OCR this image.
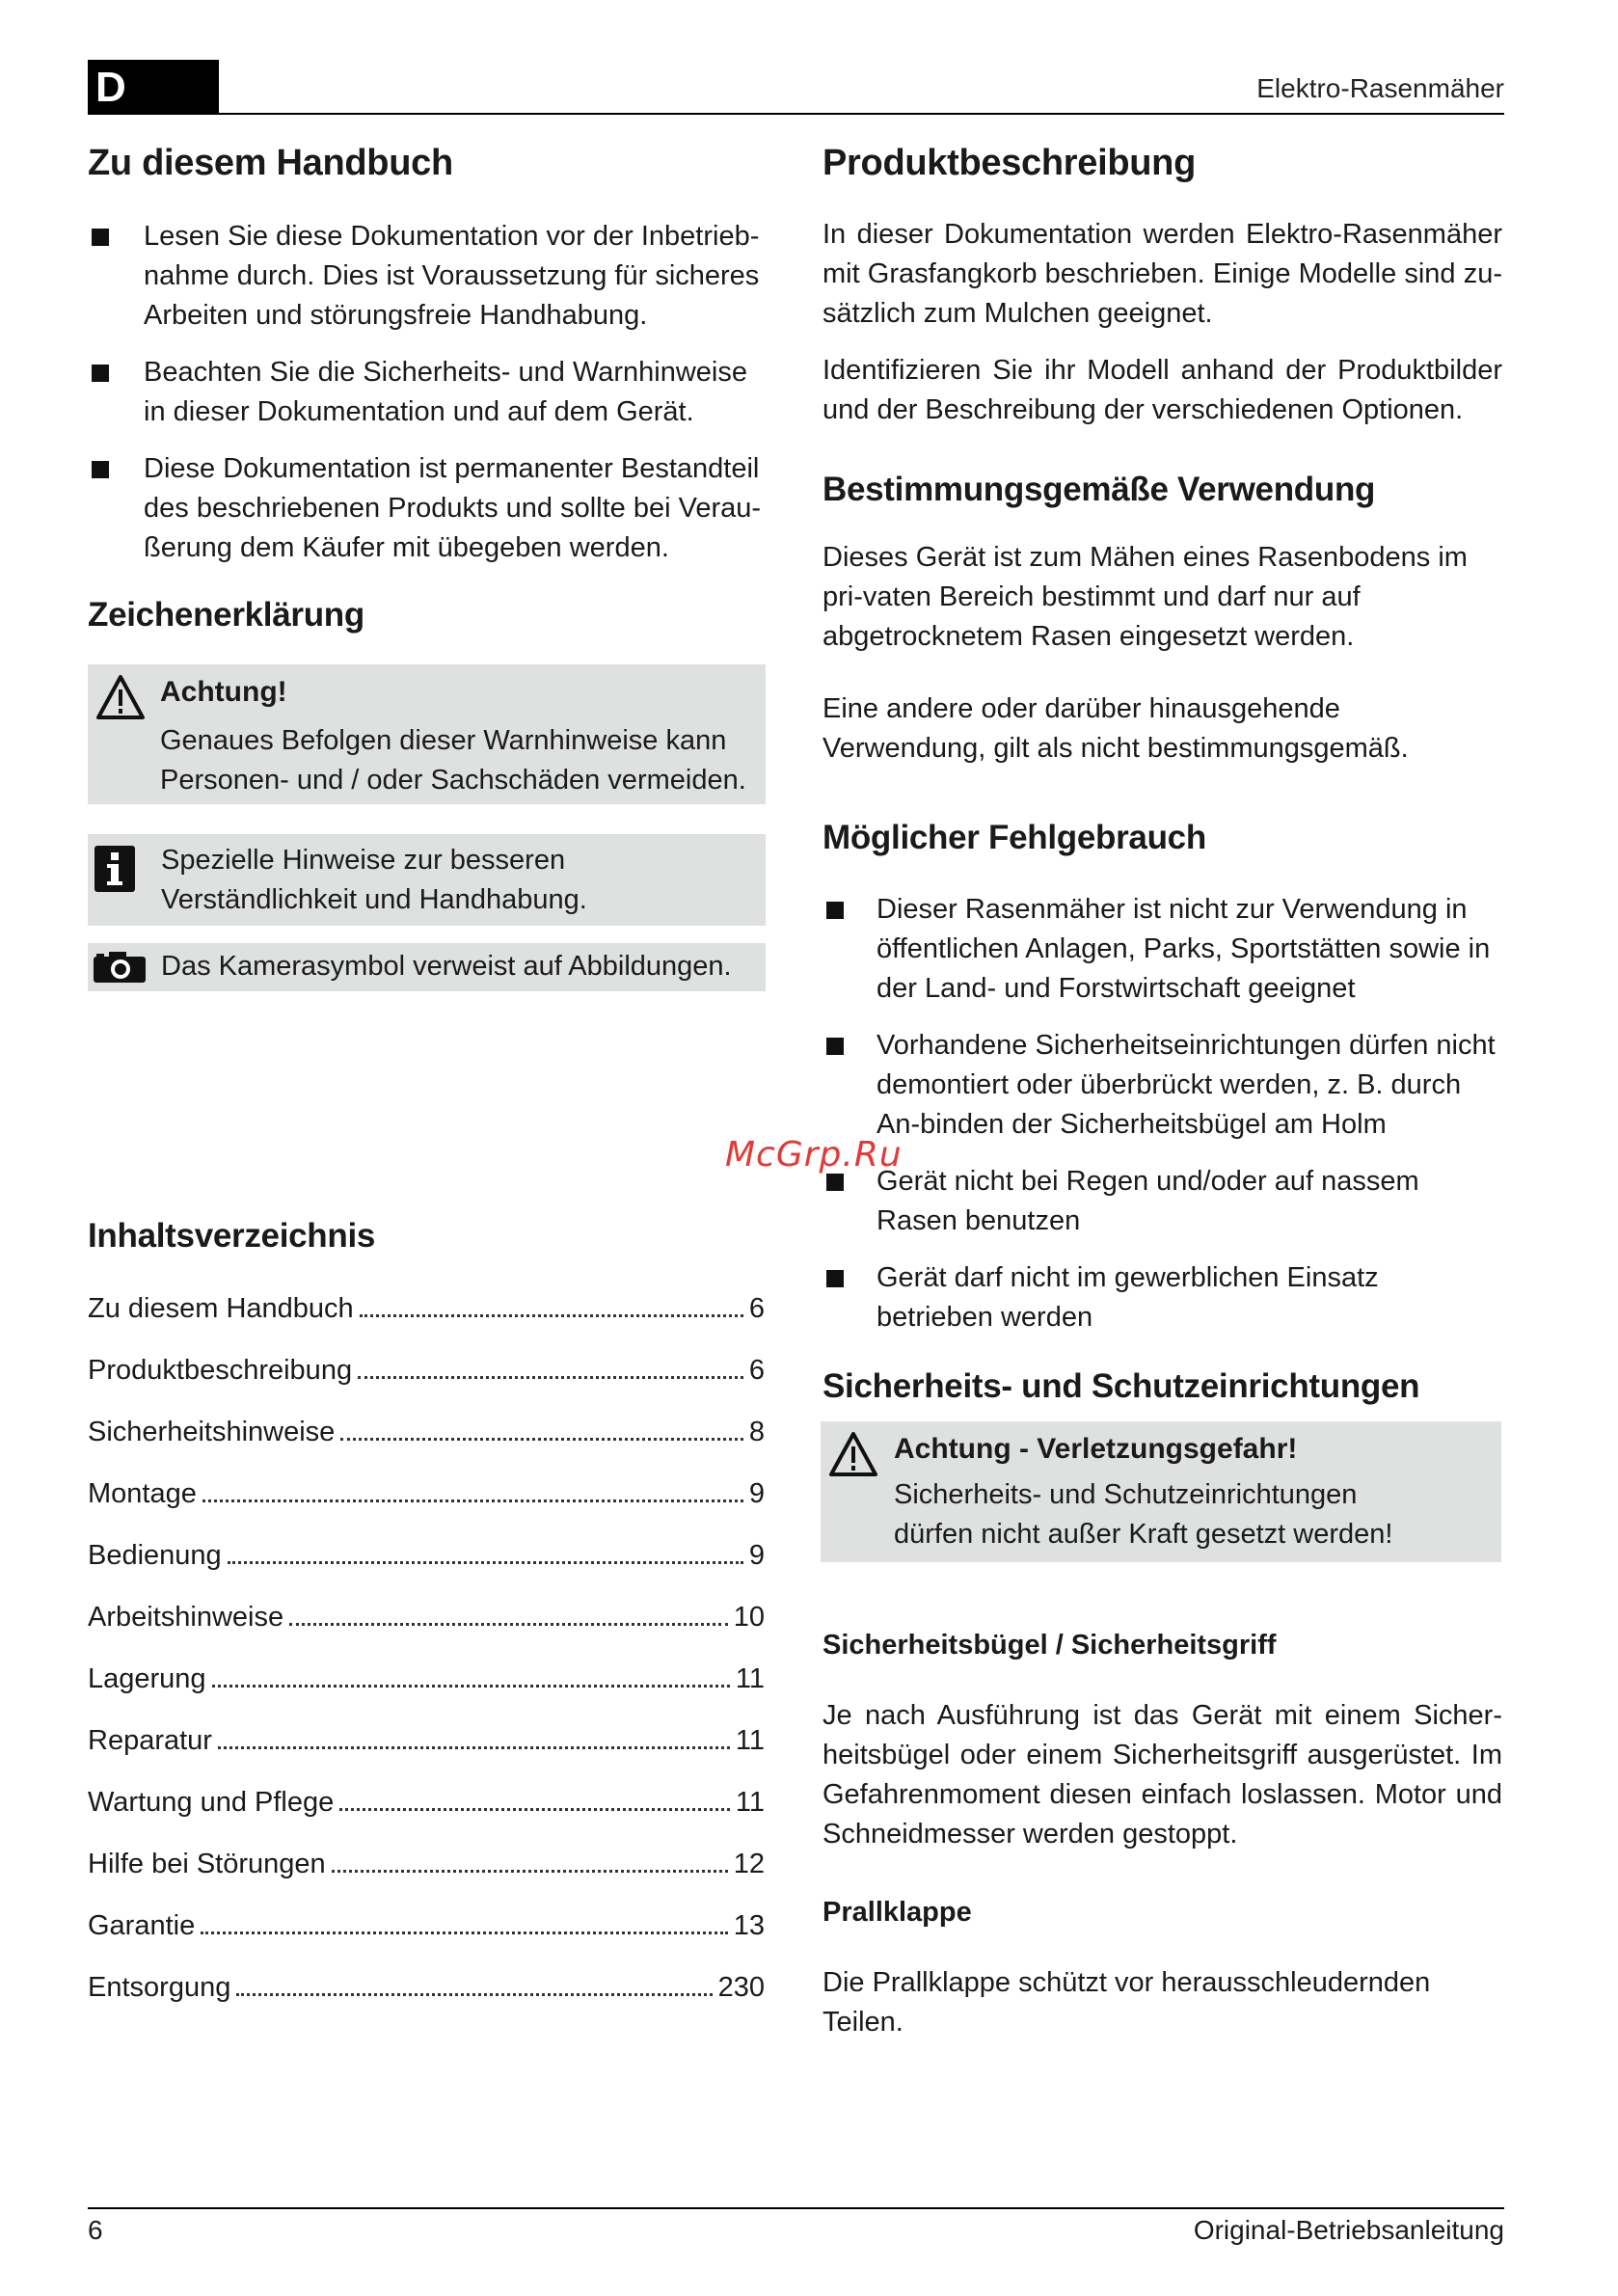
D	Elektro-Rasenmäher
Zu diesem Handbuch
Lesen Sie diese Dokumentation vor der Inbetrieb-nahme durch. Dies ist Voraussetzung für sicheres Arbeiten und störungsfreie Handhabung.
Beachten Sie die Sicherheits- und Warnhinweise in dieser Dokumentation und auf dem Gerät.
Diese Dokumentation ist permanenter Bestandteil des beschriebenen Produkts und sollte bei Verau-ßerung dem Käufer mit übegeben werden.
Zeichenerklärung
Achtung!
Genaues Befolgen dieser Warnhinweise kann Personen- und / oder Sachschäden vermeiden.
Spezielle Hinweise zur besseren Verständlichkeit und Handhabung.
Das Kamerasymbol verweist auf Abbildungen.
Inhaltsverzeichnis
Zu diesem Handbuch	6
Produktbeschreibung	6
Sicherheitshinweise	8
Montage	9
Bedienung	9
Arbeitshinweise	10
Lagerung	11
Reparatur	11
Wartung und Pflege	11
Hilfe bei Störungen	12
Garantie	13
Entsorgung	230
Produktbeschreibung

In dieser Dokumentation werden Elektro-Rasenmäher mit Grasfangkorb beschrieben. Einige Modelle sind zu-sätzlich zum Mulchen geeignet.

Identifizieren Sie ihr Modell anhand der Produktbilder und der Beschreibung der verschiedenen Optionen.

Bestimmungsgemäße Verwendung

Dieses Gerät ist zum Mähen eines Rasenbodens im pri-vaten Bereich bestimmt und darf nur auf abgetrocknetem Rasen eingesetzt werden.

Eine andere oder darüber hinausgehende Verwendung, gilt als nicht bestimmungsgemäß.

Möglicher Fehlgebrauch
Dieser Rasenmäher ist nicht zur Verwendung in öffentlichen Anlagen, Parks, Sportstätten sowie in der Land- und Forstwirtschaft geeignet
Vorhandene Sicherheitseinrichtungen dürfen nicht demontiert oder überbrückt werden, z. B. durch An-binden der Sicherheitsbügel am Holm
Gerät nicht bei Regen und/oder auf nassem Rasen benutzen
Gerät darf nicht im gewerblichen Einsatz betrieben werden
Sicherheits- und Schutzeinrichtungen
Achtung - Verletzungsgefahr!
Sicherheits- und Schutzeinrichtungen dürfen nicht außer Kraft gesetzt werden!
Sicherheitsbügel / Sicherheitsgriff

Je nach Ausführung ist das Gerät mit einem Sicher-heitsbügel oder einem Sicherheitsgriff ausgerüstet. Im Gefahrenmoment diesen einfach loslassen. Motor und Schneidmesser werden gestoppt.

Prallklappe

Die Prallklappe schützt vor herausschleudernden Teilen.

McGrp.Ru
6	Original-Betriebsanleitung
